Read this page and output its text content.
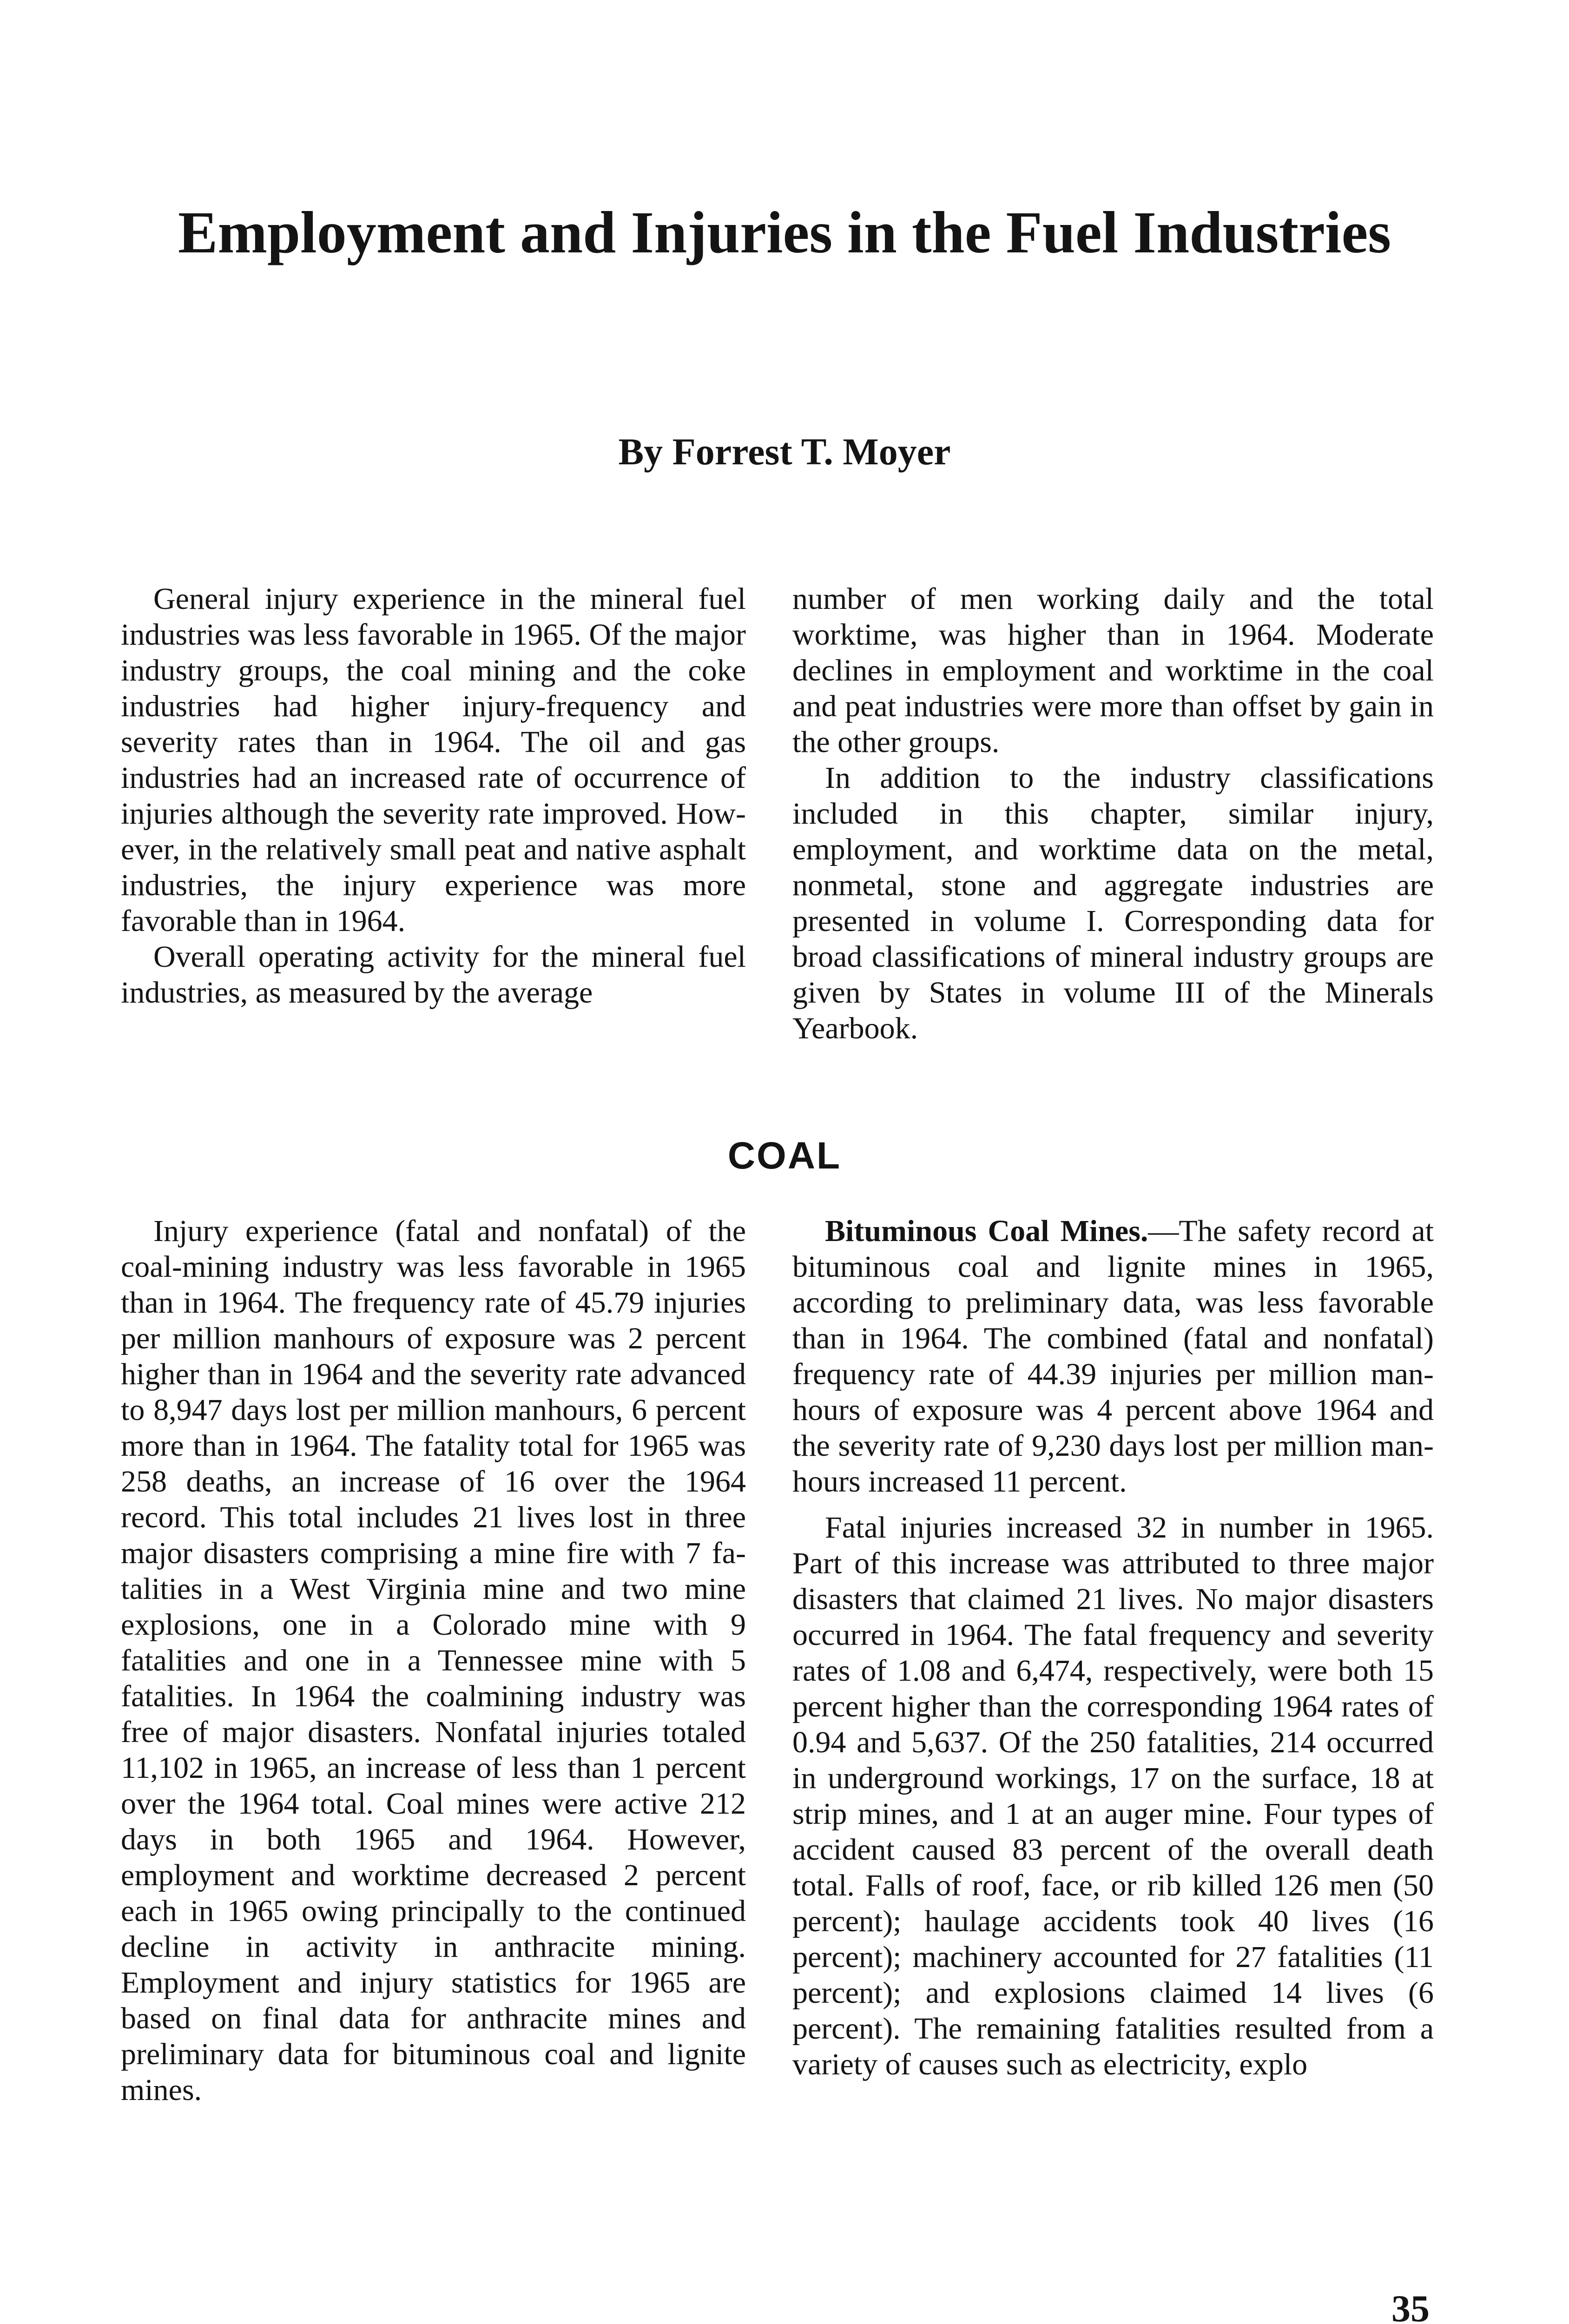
Employment and Injuries in the Fuel Industries

By Forrest T. Moyer

General injury experience in the mineral fuel industries was less favorable in 1965. Of the major industry groups, the coal mining and the coke industries had higher injury-frequency and severity rates than in 1964. The oil and gas industries had an increased rate of occurrence of injuries although the severity rate improved. However, in the relatively small peat and native asphalt industries, the injury experience was more favorable than in 1964.

Overall operating activity for the mineral fuel industries, as measured by the average

number of men working daily and the total worktime, was higher than in 1964. Moderate declines in employment and worktime in the coal and peat industries were more than offset by gain in the other groups.

In addition to the industry classifications included in this chapter, similar injury, employment, and worktime data on the metal, nonmetal, stone and aggregate industries are presented in volume I. Corresponding data for broad classifications of mineral industry groups are given by States in volume III of the Minerals Yearbook.

COAL

Injury experience (fatal and nonfatal) of the coal-mining industry was less favorable in 1965 than in 1964. The frequency rate of 45.79 injuries per million manhours of exposure was 2 percent higher than in 1964 and the severity rate advanced to 8,947 days lost per million manhours, 6 percent more than in 1964. The fatality total for 1965 was 258 deaths, an increase of 16 over the 1964 record. This total includes 21 lives lost in three major disasters comprising a mine fire with 7 fatalities in a West Virginia mine and two mine explosions, one in a Colorado mine with 9 fatalities and one in a Tennessee mine with 5 fatalities. In 1964 the coalmining industry was free of major disasters. Nonfatal injuries totaled 11,102 in 1965, an increase of less than 1 percent over the 1964 total. Coal mines were active 212 days in both 1965 and 1964. However, employment and worktime decreased 2 percent each in 1965 owing principally to the continued decline in activity in anthracite mining. Employment and injury statistics for 1965 are based on final data for anthracite mines and preliminary data for bituminous coal and lignite mines.

Bituminous Coal Mines.—The safety record at bituminous coal and lignite mines in 1965, according to preliminary data, was less favorable than in 1964. The combined (fatal and nonfatal) frequency rate of 44.39 injuries per million man-hours of exposure was 4 percent above 1964 and the severity rate of 9,230 days lost per million man-hours increased 11 percent.

Fatal injuries increased 32 in number in 1965. Part of this increase was attributed to three major disasters that claimed 21 lives. No major disasters occurred in 1964. The fatal frequency and severity rates of 1.08 and 6,474, respectively, were both 15 percent higher than the corresponding 1964 rates of 0.94 and 5,637. Of the 250 fatalities, 214 occurred in underground workings, 17 on the surface, 18 at strip mines, and 1 at an auger mine. Four types of accident caused 83 percent of the overall death total. Falls of roof, face, or rib killed 126 men (50 percent); haulage accidents took 40 lives (16 percent); machinery accounted for 27 fatalities (11 percent); and explosions claimed 14 lives (6 percent). The remaining fatalities resulted from a variety of causes such as electricity, explo

35
